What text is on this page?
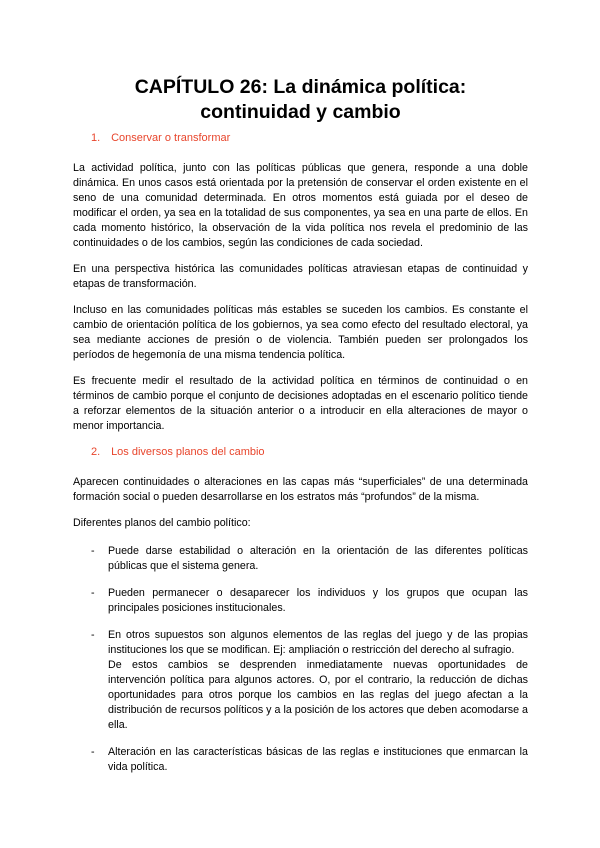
CAPÍTULO 26: La dinámica política:
continuidad y cambio
1. Conservar o transformar

La actividad política, junto con las políticas públicas que genera, responde a una doble dinámica. En unos casos está orientada por la pretensión de conservar el orden existente en el seno de una comunidad determinada. En otros momentos está guiada por el deseo de modificar el orden, ya sea en la totalidad de sus componentes, ya sea en una parte de ellos. En cada momento histórico, la observación de la vida política nos revela el predominio de las continuidades o de los cambios, según las condiciones de cada sociedad.

En una perspectiva histórica las comunidades políticas atraviesan etapas de continuidad y etapas de transformación.

Incluso en las comunidades políticas más estables se suceden los cambios. Es constante el cambio de orientación política de los gobiernos, ya sea como efecto del resultado electoral, ya sea mediante acciones de presión o de violencia. También pueden ser prolongados los períodos de hegemonía de una misma tendencia política.

Es frecuente medir el resultado de la actividad política en términos de continuidad o en términos de cambio porque el conjunto de decisiones adoptadas en el escenario político tiende a reforzar elementos de la situación anterior o a introducir en ella alteraciones de mayor o menor importancia.

2. Los diversos planos del cambio

Aparecen continuidades o alteraciones en las capas más “superficiales” de una determinada formación social o pueden desarrollarse en los estratos más “profundos” de la misma.

Diferentes planos del cambio político:

- Puede darse estabilidad o alteración en la orientación de las diferentes políticas públicas que el sistema genera.

- Pueden permanecer o desaparecer los individuos y los grupos que ocupan las principales posiciones institucionales.

- En otros supuestos son algunos elementos de las reglas del juego y de las propias instituciones los que se modifican. Ej: ampliación o restricción del derecho al sufragio.

De estos cambios se desprenden inmediatamente nuevas oportunidades de intervención política para algunos actores. O, por el contrario, la reducción de dichas oportunidades para otros porque los cambios en las reglas del juego afectan a la distribución de recursos políticos y a la posición de los actores que deben acomodarse a ella.

- Alteración en las características básicas de las reglas e instituciones que enmarcan la vida política.
